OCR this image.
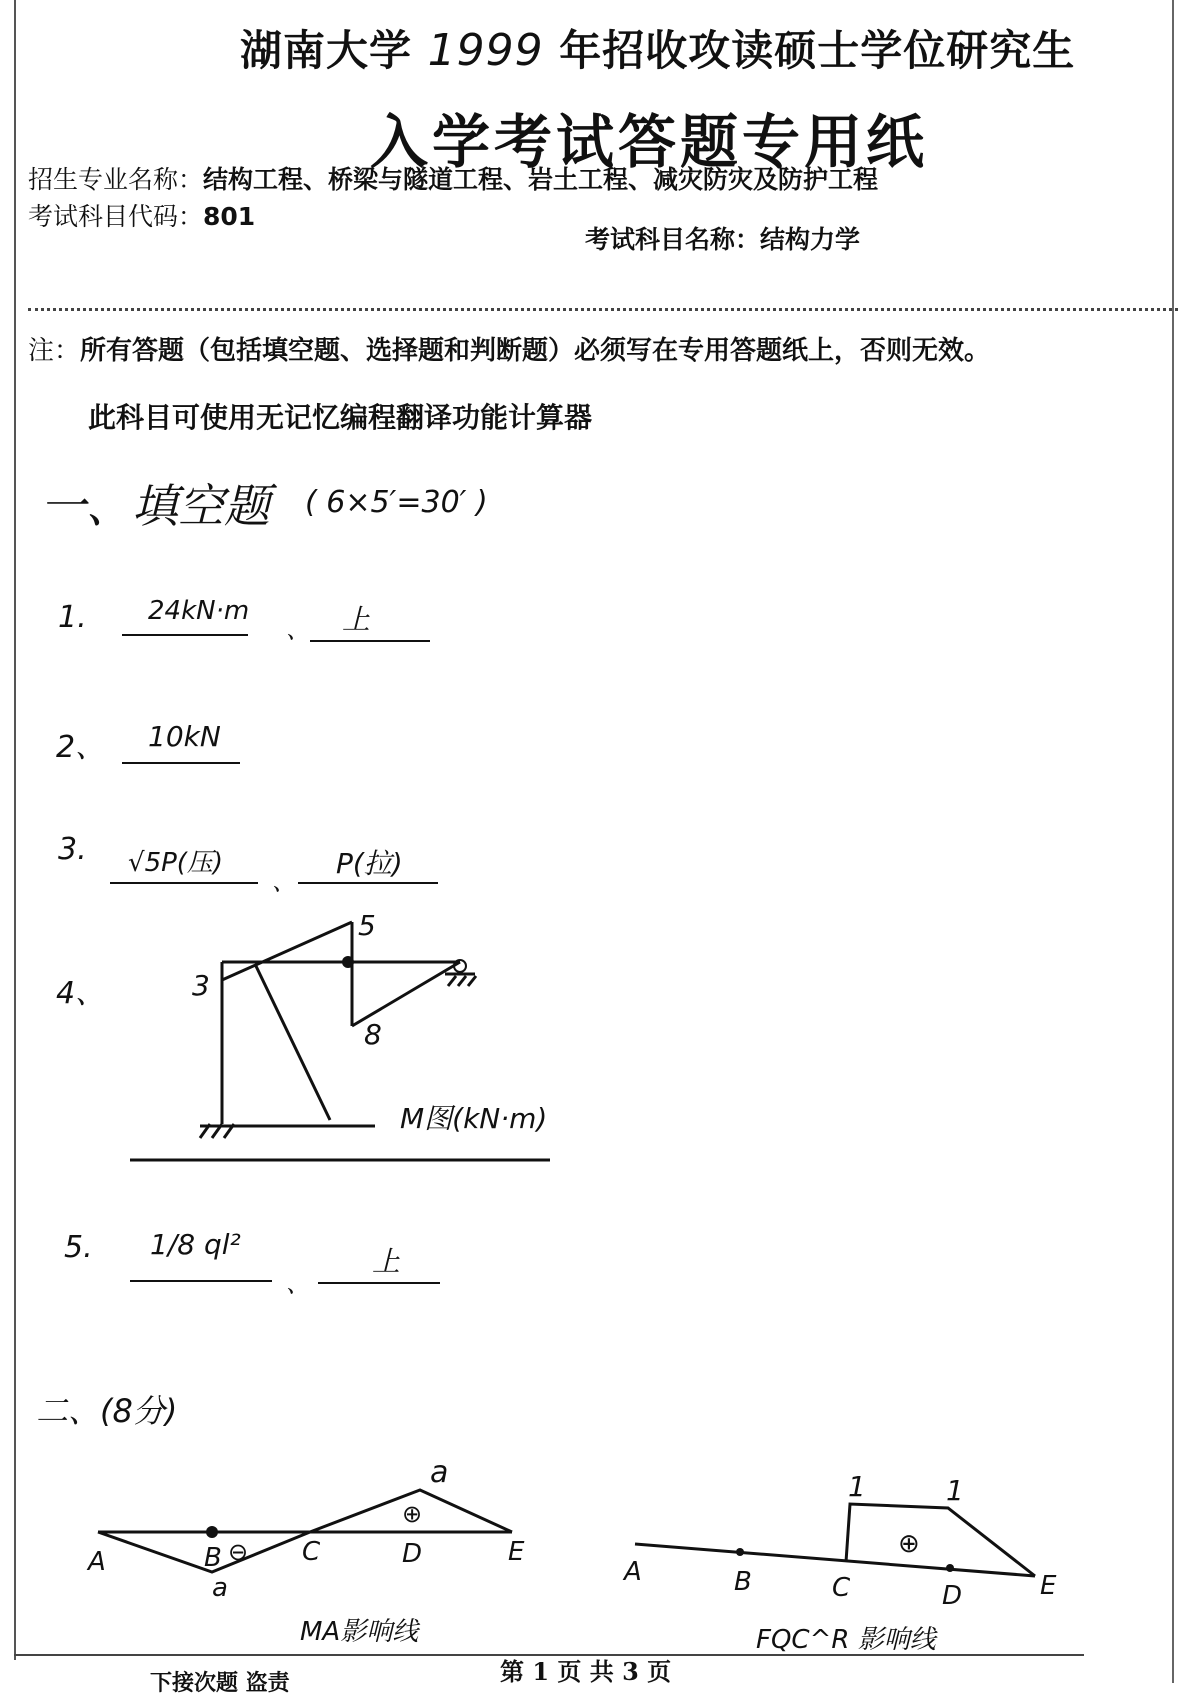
湖南大学 1999 年招收攻读硕士学位研究生
入学考试答题专用纸
招生专业名称：结构工程、桥梁与隧道工程、岩土工程、减灾防灾及防护工程
考试科目代码：801
考试科目名称：结构力学
注：所有答题（包括填空题、选择题和判断题）必须写在专用答题纸上，否则无效。
此科目可使用无记忆编程翻译功能计算器
一、填空题 ( 6×5′=30′ )
1. 24kN·m
、 上
2、 10kN
3. √5P(压)
、
P(拉)
4、
5
3
8
M图(kN·m)
5. 1/8 ql²
、
上
二、(8分)
A	B ⊖ C	D	E
a
a
⊕
MA影响线
A	B	C	D	E
1	1
⊕
FQC^R 影响线
下接次题 盗责	第 1 页 共 3 页
